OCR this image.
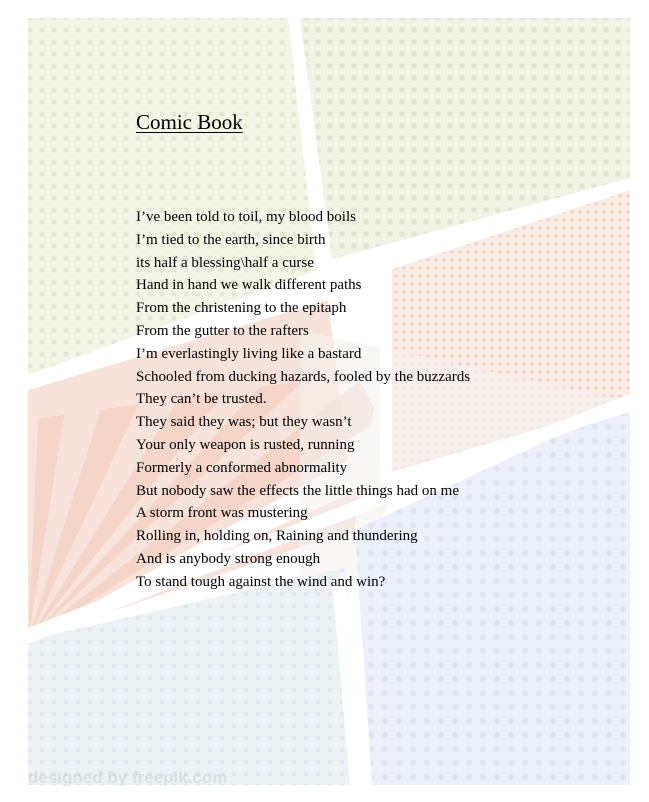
Comic Book
I’ve been told to toil, my blood boils
I’m tied to the earth, since birth
its half a blessing\half a curse
Hand in hand we walk different paths
From the christening to the epitaph
From the gutter to the rafters
I’m everlastingly living like a bastard
Schooled from ducking hazards, fooled by the buzzards
They can’t be trusted.
They said they was; but they wasn’t
Your only weapon is rusted, running
Formerly a conformed abnormality
But nobody saw the effects the little things had on me
A storm front was mustering
Rolling in, holding on, Raining and thundering
And is anybody strong enough
To stand tough against the wind and win?
designed by freepik.com
